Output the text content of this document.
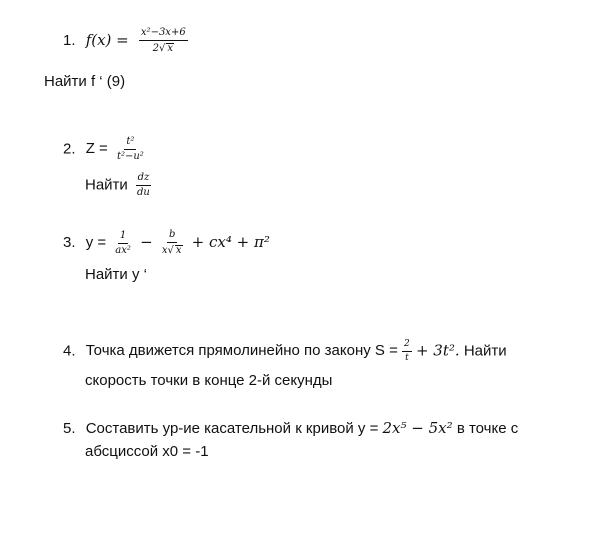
1. $f(x) = \frac{\text{x²−3x+6}}{2√ x}$
Найти f ‘ (9)
2. $Z = \frac{\text{t²}}{\text{t²−u²}}$
Найти $\frac{dz}{du}$
3. $y = \frac{1}{\text{ax²}} - \frac{b}{x√ x} + cx^4 + \pi^2$
Найти y ‘
4. Точка движется прямолинейно по закону $S = \frac{2}{t} + 3t^2$. Найти
скорость точки в конце 2-й секунды
5. Составить ур-ие касательной к кривой y = 2x⁵ − 5x² в точке с
абсциссой x0 = -1
